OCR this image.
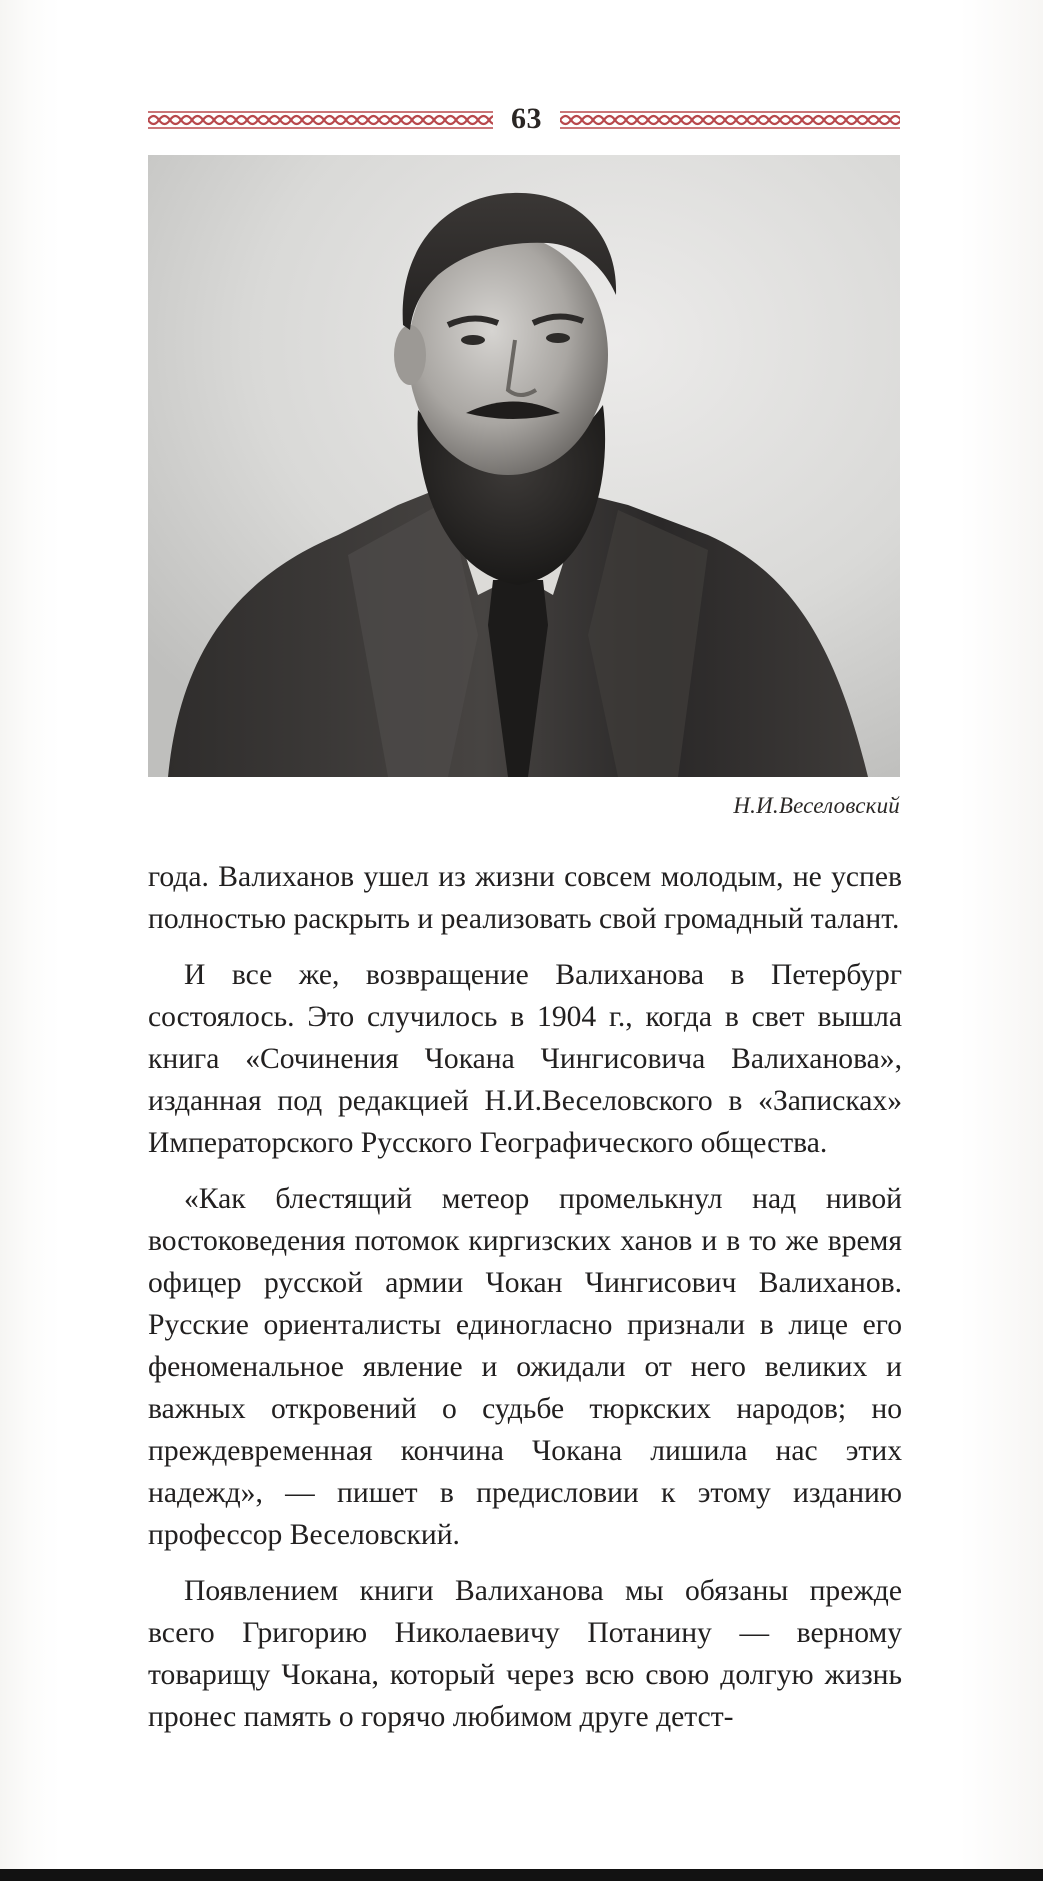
63
Н.И.Веселовский

года. Валиханов ушел из жизни совсем молодым, не успев полностью раскрыть и реализовать свой громадный талант.

И все же, возвращение Валиханова в Петербург состоялось. Это случилось в 1904 г., когда в свет вышла книга «Сочинения Чокана Чингисовича Валиханова», изданная под редакцией Н.И.Веселовского в «Записках» Императорского Русского Географического общества.

«Как блестящий метеор промелькнул над нивой востоковедения потомок киргизских ханов и в то же время офицер русской армии Чокан Чингисович Валиханов. Русские ориенталисты единогласно признали в лице его феноменальное явление и ожидали от него великих и важных откровений о судьбе тюркских народов; но преждевременная кончина Чокана лишила нас этих надежд», — пишет в предисловии к этому изданию профессор Веселовский.

Появлением книги Валиханова мы обязаны прежде всего Григорию Николаевичу Потанину — верному товарищу Чокана, который через всю свою долгую жизнь пронес память о горячо любимом друге детст-
